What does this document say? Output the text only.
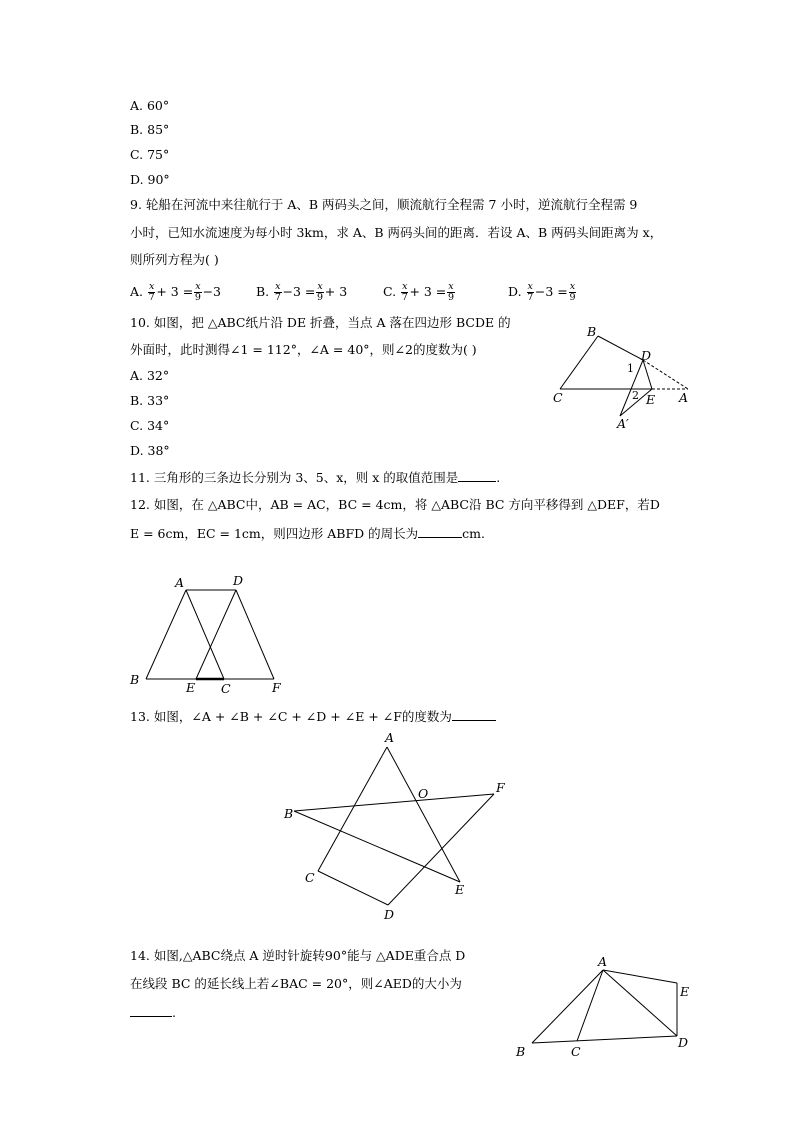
A. 60°
B. 85°
C. 75°
D. 90°
9. 轮船在河流中来往航行于 A、B 两码头之间，顺流航行全程需 7 小时，逆流航行全程需 9
小时，已知水流速度为每小时 3km，求 A、B 两码头间的距离．若设 A、B 两码头间距离为 x，
则所列方程为( )
A. $\frac{x}{7} + 3 = \frac{x}{9} -3$	B. $\frac{x}{7} -3 = \frac{x}{9} + 3$	C. $\frac{x}{7} + 3 = \frac{x}{9}$	D. $\frac{x}{7} -3 = \frac{x}{9}$
10. 如图，把 △ABC纸片沿 DE 折叠，当点 A 落在四边形 BCDE 的
外面时，此时测得∠1 = 112°，∠A = 40°，则∠2的度数为( )
A. 32°
B. 33°
C. 34°
D. 38°
B
D
1
2
C	E A
A′
11. 三角形的三条边长分别为 3、5、x，则 x 的取值范围是	.
12. 如图，在 △ABC中，AB = AC，BC = 4cm，将 △ABC沿 BC 方向平移得到 △DEF，若D
E = 6cm，EC = 1cm，则四边形 ABFD 的周长为	cm.
A	D
B
E C	F
13. 如图，∠A + ∠B + ∠C + ∠D + ∠E + ∠F的度数为
A
O	F
B
C
E
D
14. 如图,△ABC绕点 A 逆时针旋转90°能与 △ADE重合点 D
在线段 BC 的延长线上若∠BAC = 20°，则∠AED的大小为
.
A
E
B	C
D
